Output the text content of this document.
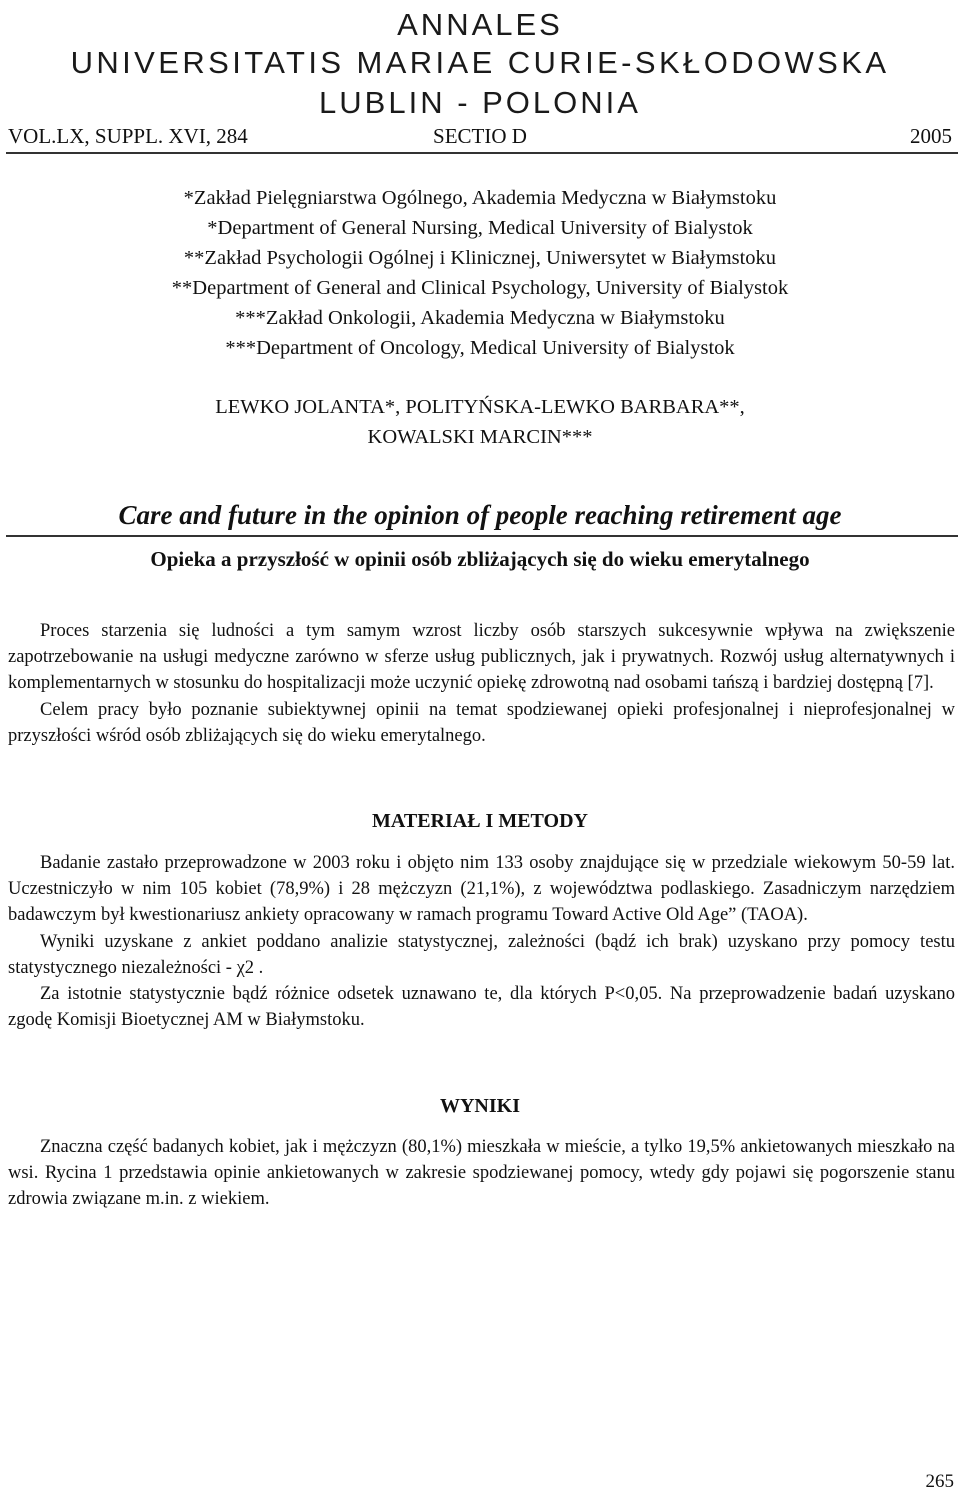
ANNALES
UNIVERSITATIS MARIAE CURIE-SKŁODOWSKA
LUBLIN - POLONIA
VOL.LX, SUPPL. XVI, 284	SECTIO D	2005
*Zakład Pielęgniarstwa Ogólnego, Akademia Medyczna w Białymstoku
*Department of General Nursing, Medical University of Bialystok
**Zakład Psychologii Ogólnej i Klinicznej, Uniwersytet w Białymstoku
**Department of General and Clinical Psychology, University of Bialystok
***Zakład Onkologii, Akademia Medyczna w Białymstoku
***Department of Oncology, Medical University of Bialystok
LEWKO JOLANTA*, POLITYŃSKA-LEWKO BARBARA**,
KOWALSKI MARCIN***
Care and future in the opinion of people reaching retirement age
Opieka a przyszłość w opinii osób zbliżających się do wieku emerytalnego

Proces starzenia się ludności a tym samym wzrost liczby osób starszych sukcesywnie wpływa na zwiększenie zapotrzebowanie na usługi medyczne zarówno w sferze usług publicznych, jak i prywatnych. Rozwój usług alternatywnych i komplementarnych w stosunku do hospitalizacji może uczynić opiekę zdrowotną nad osobami tańszą i bardziej dostępną [7].

Celem pracy było poznanie subiektywnej opinii na temat spodziewanej opieki profesjonalnej i nieprofesjonalnej w przyszłości wśród osób zbliżających się do wieku emerytalnego.

MATERIAŁ I METODY

Badanie zastało przeprowadzone w 2003 roku i objęto nim 133 osoby znajdujące się w przedziale wiekowym 50-59 lat. Uczestniczyło w nim 105 kobiet (78,9%) i 28 mężczyzn (21,1%), z województwa podlaskiego. Zasadniczym narzędziem badawczym był kwestionariusz ankiety opracowany w ramach programu Toward Active Old Age” (TAOA).

Wyniki uzyskane z ankiet poddano analizie statystycznej, zależności (bądź ich brak) uzyskano przy pomocy testu statystycznego niezależności - χ2 .

Za istotnie statystycznie bądź różnice odsetek uznawano te, dla których P<0,05. Na przeprowadzenie badań uzyskano zgodę Komisji Bioetycznej AM w Białymstoku.

WYNIKI

Znaczna część badanych kobiet, jak i mężczyzn (80,1%) mieszkała w mieście, a tylko 19,5% ankietowanych mieszkało na wsi. Rycina 1 przedstawia opinie ankietowanych w zakresie spodziewanej pomocy, wtedy gdy pojawi się pogorszenie stanu zdrowia związane m.in. z wiekiem.

265
